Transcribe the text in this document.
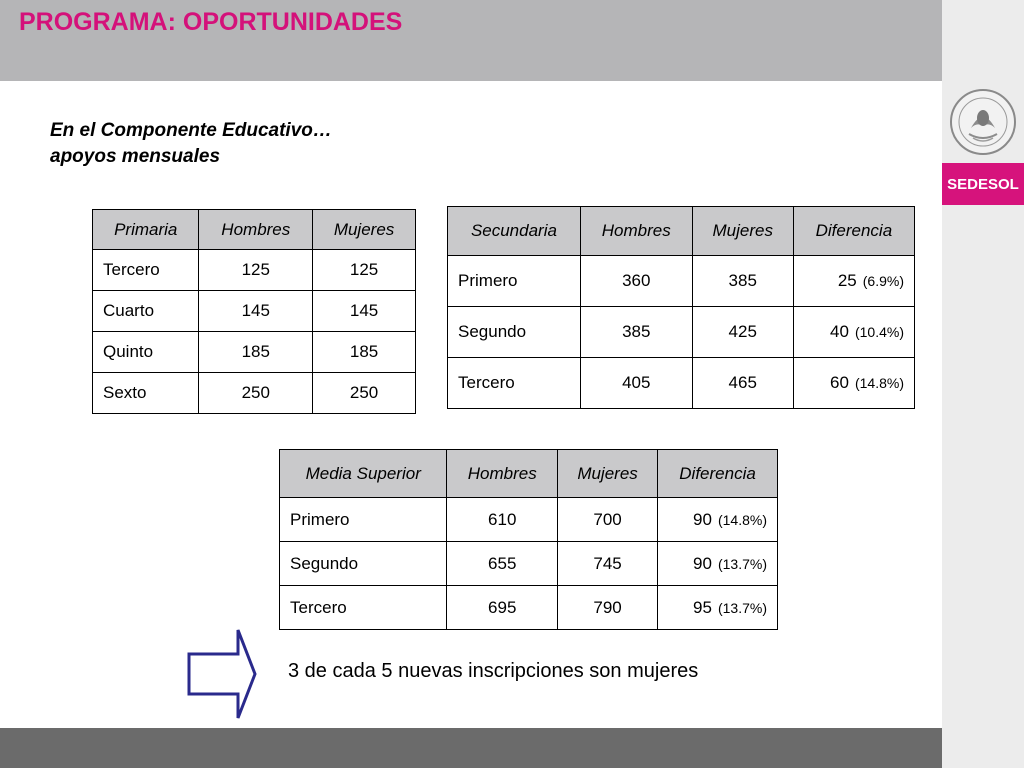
PROGRAMA: OPORTUNIDADES
SEDESOL
En el Componente Educativo…
apoyos mensuales
Primaria	Hombres	Mujeres
Tercero	125	125
Cuarto	145	145
Quinto	185	185
Sexto	250	250
Secundaria	Hombres	Mujeres	Diferencia
Primero	360	385	25 (6.9%)
Segundo	385	425	40 (10.4%)
Tercero	405	465	60 (14.8%)
Media Superior	Hombres	Mujeres	Diferencia
Primero	610	700	90 (14.8%)
Segundo	655	745	90 (13.7%)
Tercero	695	790	95 (13.7%)
3 de cada 5 nuevas inscripciones son mujeres
